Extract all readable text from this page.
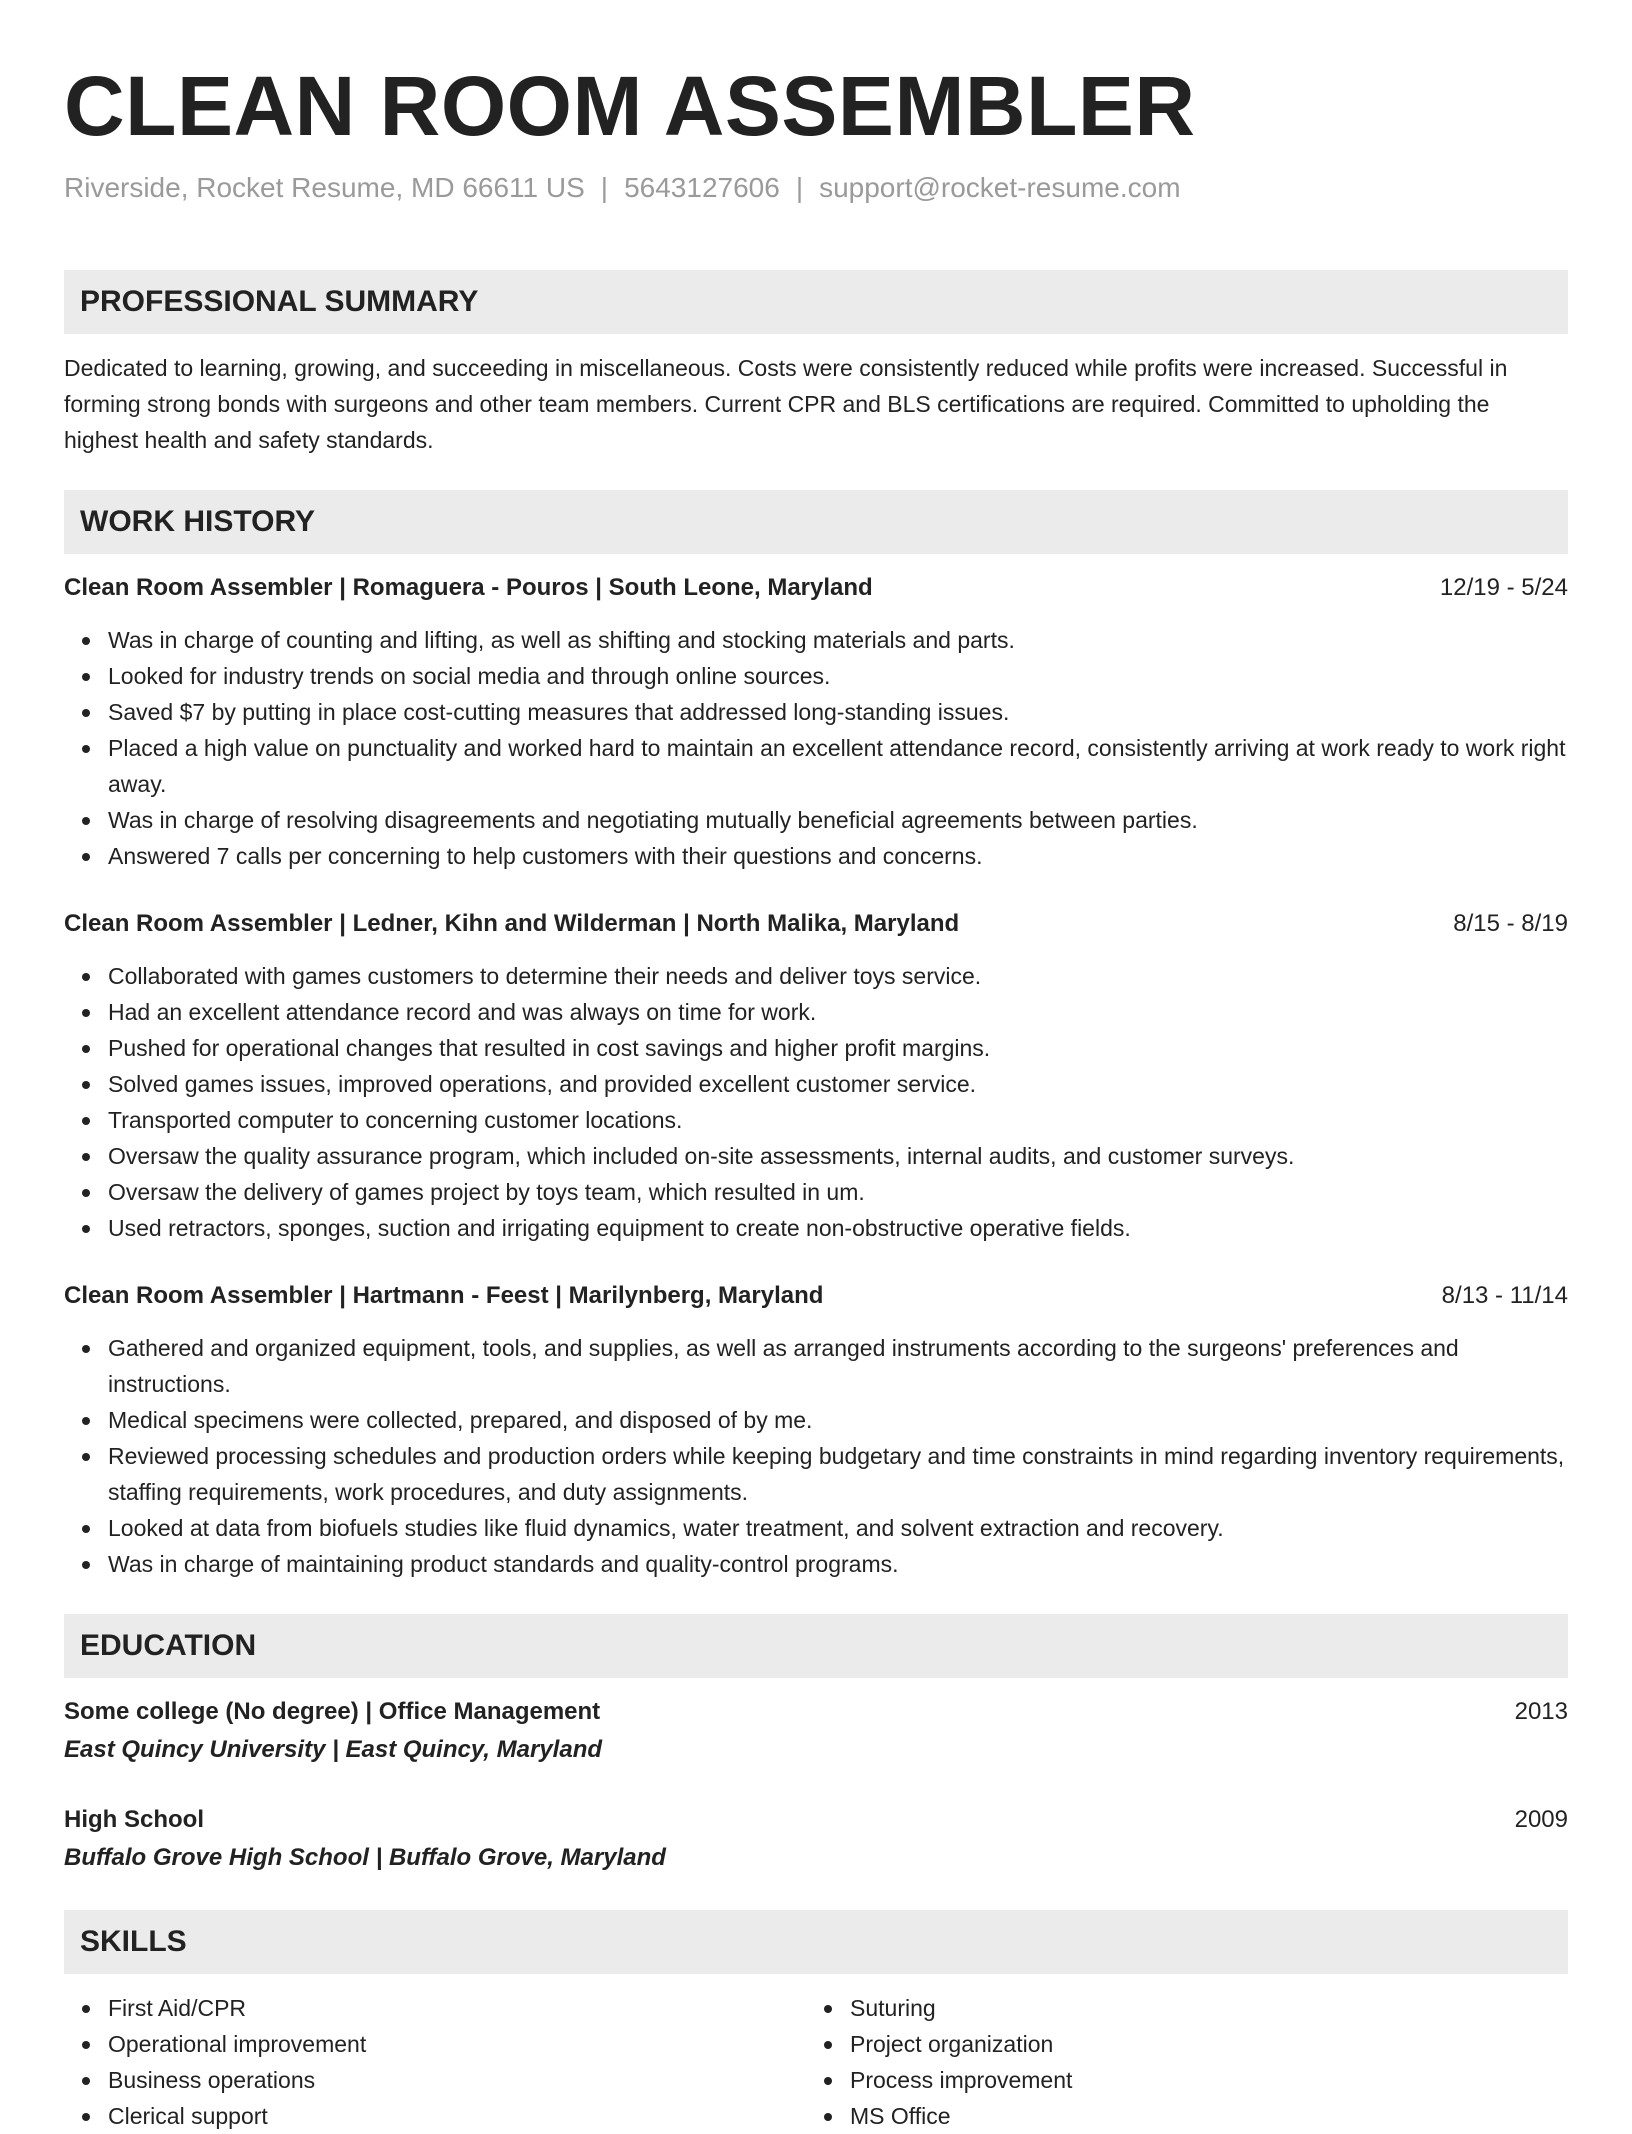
CLEAN ROOM ASSEMBLER
Riverside, Rocket Resume, MD 66611 US | 5643127606 | support@rocket-resume.com
PROFESSIONAL SUMMARY
Dedicated to learning, growing, and succeeding in miscellaneous. Costs were consistently reduced while profits were increased. Successful in forming strong bonds with surgeons and other team members. Current CPR and BLS certifications are required. Committed to upholding the highest health and safety standards.
WORK HISTORY
Clean Room Assembler | Romaguera - Pouros | South Leone, Maryland	12/19 - 5/24
Was in charge of counting and lifting, as well as shifting and stocking materials and parts.
Looked for industry trends on social media and through online sources.
Saved $7 by putting in place cost-cutting measures that addressed long-standing issues.
Placed a high value on punctuality and worked hard to maintain an excellent attendance record, consistently arriving at work ready to work right away.
Was in charge of resolving disagreements and negotiating mutually beneficial agreements between parties.
Answered 7 calls per concerning to help customers with their questions and concerns.
Clean Room Assembler | Ledner, Kihn and Wilderman | North Malika, Maryland	8/15 - 8/19
Collaborated with games customers to determine their needs and deliver toys service.
Had an excellent attendance record and was always on time for work.
Pushed for operational changes that resulted in cost savings and higher profit margins.
Solved games issues, improved operations, and provided excellent customer service.
Transported computer to concerning customer locations.
Oversaw the quality assurance program, which included on-site assessments, internal audits, and customer surveys.
Oversaw the delivery of games project by toys team, which resulted in um.
Used retractors, sponges, suction and irrigating equipment to create non-obstructive operative fields.
Clean Room Assembler | Hartmann - Feest | Marilynberg, Maryland	8/13 - 11/14
Gathered and organized equipment, tools, and supplies, as well as arranged instruments according to the surgeons' preferences and instructions.
Medical specimens were collected, prepared, and disposed of by me.
Reviewed processing schedules and production orders while keeping budgetary and time constraints in mind regarding inventory requirements, staffing requirements, work procedures, and duty assignments.
Looked at data from biofuels studies like fluid dynamics, water treatment, and solvent extraction and recovery.
Was in charge of maintaining product standards and quality-control programs.
EDUCATION
Some college (No degree) | Office Management	2013
East Quincy University | East Quincy, Maryland
High School	2009
Buffalo Grove High School | Buffalo Grove, Maryland
SKILLS
First Aid/CPR
Operational improvement
Business operations
Clerical support
Suturing
Project organization
Process improvement
MS Office
